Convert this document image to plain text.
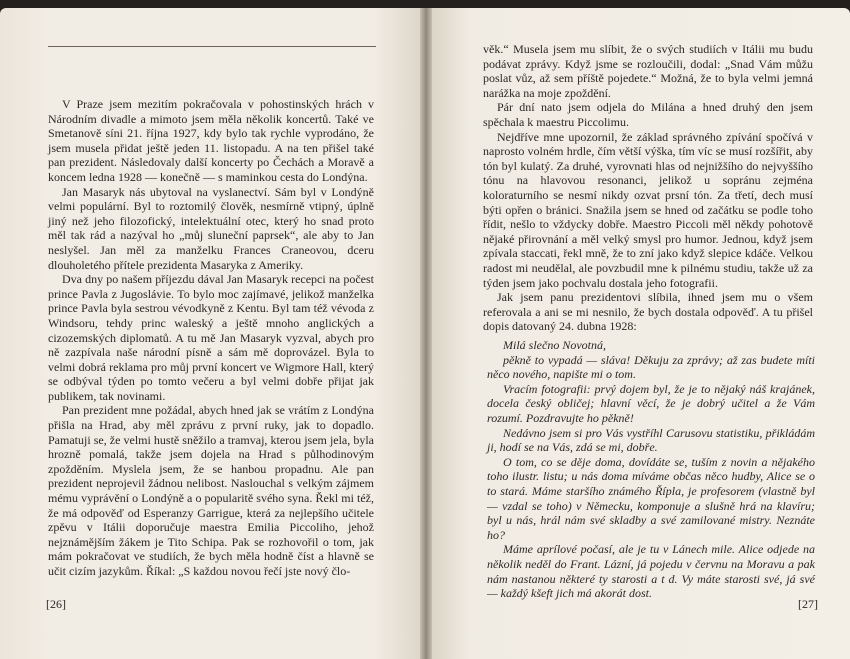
V Praze jsem mezitím pokračovala v pohostinských hrách v Národním divadle a mimoto jsem měla několik koncertů. Také ve Smetanově síni 21. října 1927, kdy bylo tak rychle vyprodáno, že jsem musela přidat ještě jeden 11. listopadu. A na ten přišel také pan prezident. Následovaly další koncerty po Čechách a Moravě a koncem ledna 1928 — konečně — s maminkou cesta do Londýna.

Jan Masaryk nás ubytoval na vyslanectví. Sám byl v Londýně velmi populární. Byl to roztomilý člověk, nesmírně vtipný, úplně jiný než jeho filozofický, intelektuální otec, který ho snad proto měl tak rád a nazýval ho „můj sluneční paprsek“, ale aby to Jan neslyšel. Jan měl za manželku Frances Craneovou, dceru dlouholetého přítele prezidenta Masaryka z Ameriky.

Dva dny po našem příjezdu dával Jan Masaryk recepci na počest prince Pavla z Jugoslávie. To bylo moc zajímavé, jelikož manželka prince Pavla byla sestrou vévodkyně z Kentu. Byl tam též vévoda z Windsoru, tehdy princ waleský a ještě mnoho anglických a cizozemských diplomatů. A tu mě Jan Masaryk vyzval, abych pro ně zazpívala naše národní písně a sám mě doprovázel. Byla to velmi dobrá reklama pro můj první koncert ve Wigmore Hall, který se odbýval týden po tomto večeru a byl velmi dobře přijat jak publikem, tak novinami.

Pan prezident mne požádal, abych hned jak se vrátím z Londýna přišla na Hrad, aby měl zprávu z první ruky, jak to dopadlo. Pamatuji se, že velmi hustě sněžilo a tramvaj, kterou jsem jela, byla hrozně pomalá, takže jsem dojela na Hrad s půlhodinovým zpožděním. Myslela jsem, že se hanbou propadnu. Ale pan prezident neprojevil žádnou nelibost. Naslouchal s velkým zájmem mému vyprávění o Londýně a o popularitě svého syna. Řekl mi též, že má odpověď od Esperanzy Garrigue, která za nejlepšího učitele zpěvu v Itálii doporučuje maestra Emilia Piccoliho, jehož nejznámějším žákem je Tito Schipa. Pak se rozhovořil o tom, jak mám pokračovat ve studiích, že bych měla hodně číst a hlavně se učit cizím jazykům. Říkal: „S každou novou řečí jste nový člo-

[26]

věk.“ Musela jsem mu slíbit, že o svých studiích v Itálii mu budu podávat zprávy. Když jsme se rozloučili, dodal: „Snad Vám můžu poslat vůz, až sem příště pojedete.“ Možná, že to byla velmi jemná narážka na moje zpoždění.

Pár dní nato jsem odjela do Milána a hned druhý den jsem spěchala k maestru Piccolimu.

Nejdříve mne upozornil, že základ správného zpívání spočívá v naprosto volném hrdle, čím větší výška, tím víc se musí rozšířit, aby tón byl kulatý. Za druhé, vyrovnati hlas od nejnižšího do nejvyššího tónu na hlavovou resonanci, jelikož u sopránu zejména koloraturního se nesmí nikdy ozvat prsní tón. Za třetí, dech musí býti opřen o bránici. Snažila jsem se hned od začátku se podle toho řídit, nešlo to vždycky dobře. Maestro Piccoli měl někdy pohotově nějaké přirovnání a měl velký smysl pro humor. Jednou, když jsem zpívala staccati, řekl mně, že to zní jako když slepice kdáče. Velkou radost mi neudělal, ale povzbudil mne k pilnému studiu, takže už za týden jsem jako pochvalu dostala jeho fotografii.

Jak jsem panu prezidentovi slíbila, ihned jsem mu o všem referovala a ani se mi nesnilo, že bych dostala odpověď. A tu přišel dopis datovaný 24. dubna 1928:

Milá slečno Novotná,

pěkně to vypadá — sláva! Děkuju za zprávy; až zas budete míti něco nového, napište mi o tom.

Vracím fotografii: prvý dojem byl, že je to nějaký náš krajánek, docela český obličej; hlavní věcí, že je dobrý učitel a že Vám rozumí. Pozdravujte ho pěkně!

Nedávno jsem si pro Vás vystříhl Carusovu statistiku, přikládám ji, hodí se na Vás, zdá se mi, dobře.

O tom, co se děje doma, dovídáte se, tuším z novin a nějakého toho ilustr. listu; u nás doma míváme občas něco hudby, Alice se o to stará. Máme staršího známého Řípla, je profesorem (vlastně byl — vzdal se toho) v Německu, komponuje a slušně hrá na klavíru; byl u nás, hrál nám své skladby a své zamilované mistry. Neznáte ho?

Máme aprílové počasí, ale je tu v Lánech mile. Alice odjede na několik neděl do Frant. Lázní, já pojedu v červnu na Moravu a pak nám nastanou některé ty starosti a t d. Vy máte starosti své, já své — každý kšeft jich má akorát dost.

[27]
